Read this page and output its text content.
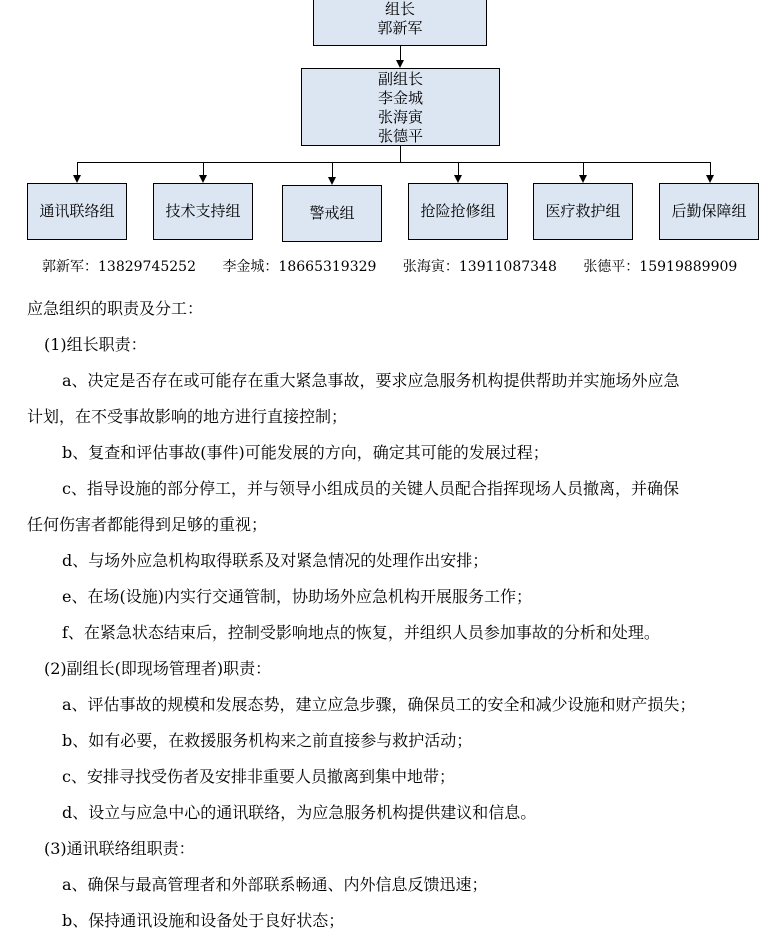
组长
郭新军
副组长
李金城
张海寅
张德平
通讯联络组	技术支持组	警戒组	抢险抢修组	医疗救护组	后勤保障组
郭新军：13829745252 李金城：18665319329 张海寅：13911087348 张德平：15919889909

应急组织的职责及分工：

(1)组长职责：

a、决定是否存在或可能存在重大紧急事故，要求应急服务机构提供帮助并实施场外应急

计划，在不受事故影响的地方进行直接控制；

b、复查和评估事故(事件)可能发展的方向，确定其可能的发展过程；

c、指导设施的部分停工，并与领导小组成员的关键人员配合指挥现场人员撤离，并确保

任何伤害者都能得到足够的重视；

d、与场外应急机构取得联系及对紧急情况的处理作出安排；

e、在场(设施)内实行交通管制，协助场外应急机构开展服务工作；

f、在紧急状态结束后，控制受影响地点的恢复，并组织人员参加事故的分析和处理。

(2)副组长(即现场管理者)职责：

a、评估事故的规模和发展态势，建立应急步骤，确保员工的安全和减少设施和财产损失；

b、如有必要，在救援服务机构来之前直接参与救护活动；

c、安排寻找受伤者及安排非重要人员撤离到集中地带；

d、设立与应急中心的通讯联络，为应急服务机构提供建议和信息。

(3)通讯联络组职责：

a、确保与最高管理者和外部联系畅通、内外信息反馈迅速；

b、保持通讯设施和设备处于良好状态；
